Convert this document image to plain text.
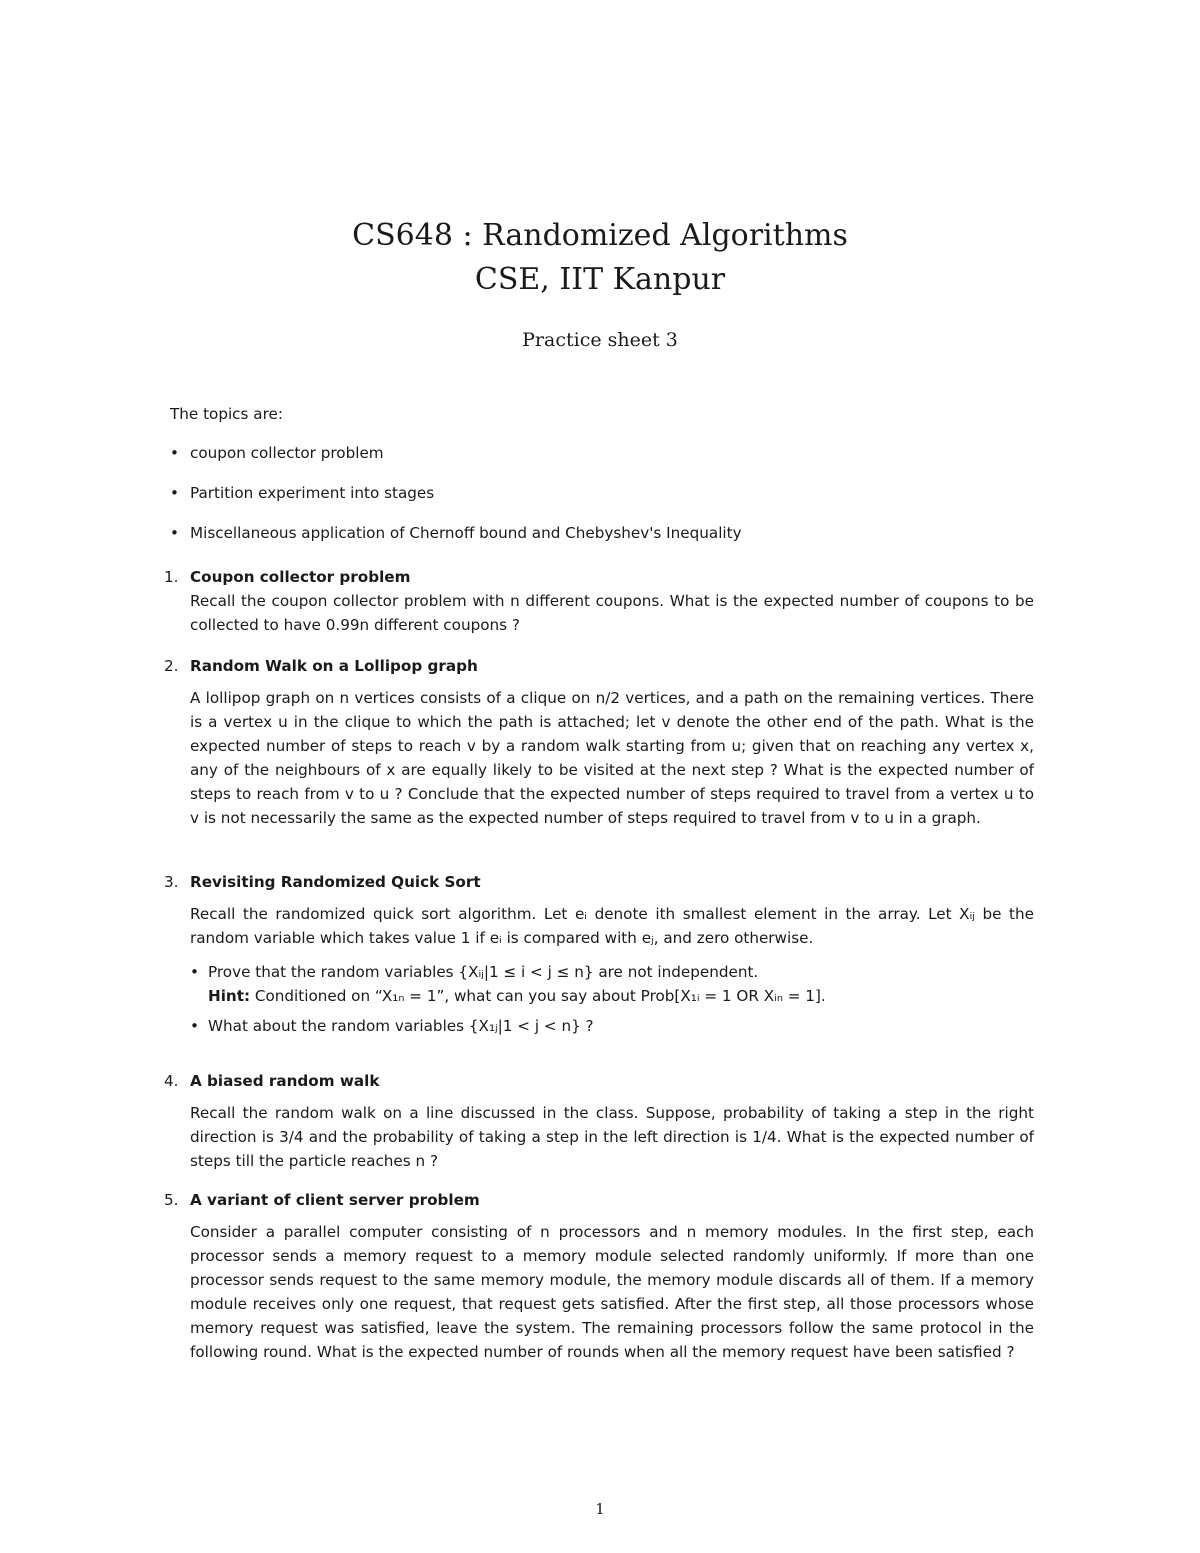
CS648 : Randomized Algorithms
CSE, IIT Kanpur
Practice sheet 3
The topics are:
• coupon collector problem
• Partition experiment into stages
• Miscellaneous application of Chernoff bound and Chebyshev's Inequality
1. Coupon collector problem
Recall the coupon collector problem with n different coupons. What is the expected number of coupons to be collected to have 0.99n different coupons ?
2. Random Walk on a Lollipop graph
A lollipop graph on n vertices consists of a clique on n/2 vertices, and a path on the remaining vertices. There is a vertex u in the clique to which the path is attached; let v denote the other end of the path. What is the expected number of steps to reach v by a random walk starting from u; given that on reaching any vertex x, any of the neighbours of x are equally likely to be visited at the next step ? What is the expected number of steps to reach from v to u ? Conclude that the expected number of steps required to travel from a vertex u to v is not necessarily the same as the expected number of steps required to travel from v to u in a graph.
3. Revisiting Randomized Quick Sort
Recall the randomized quick sort algorithm. Let eᵢ denote ith smallest element in the array. Let Xᵢⱼ be the random variable which takes value 1 if eᵢ is compared with eⱼ, and zero otherwise.
• Prove that the random variables {Xᵢⱼ|1 ≤ i < j ≤ n} are not independent.
Hint: Conditioned on “X₁ₙ = 1”, what can you say about Prob[X₁ᵢ = 1 OR Xᵢₙ = 1].
• What about the random variables {X₁ⱼ|1 < j < n} ?
4. A biased random walk
Recall the random walk on a line discussed in the class. Suppose, probability of taking a step in the right direction is 3/4 and the probability of taking a step in the left direction is 1/4. What is the expected number of steps till the particle reaches n ?
5. A variant of client server problem
Consider a parallel computer consisting of n processors and n memory modules. In the first step, each processor sends a memory request to a memory module selected randomly uniformly. If more than one processor sends request to the same memory module, the memory module discards all of them. If a memory module receives only one request, that request gets satisfied. After the first step, all those processors whose memory request was satisfied, leave the system. The remaining processors follow the same protocol in the following round. What is the expected number of rounds when all the memory request have been satisfied ?
1
